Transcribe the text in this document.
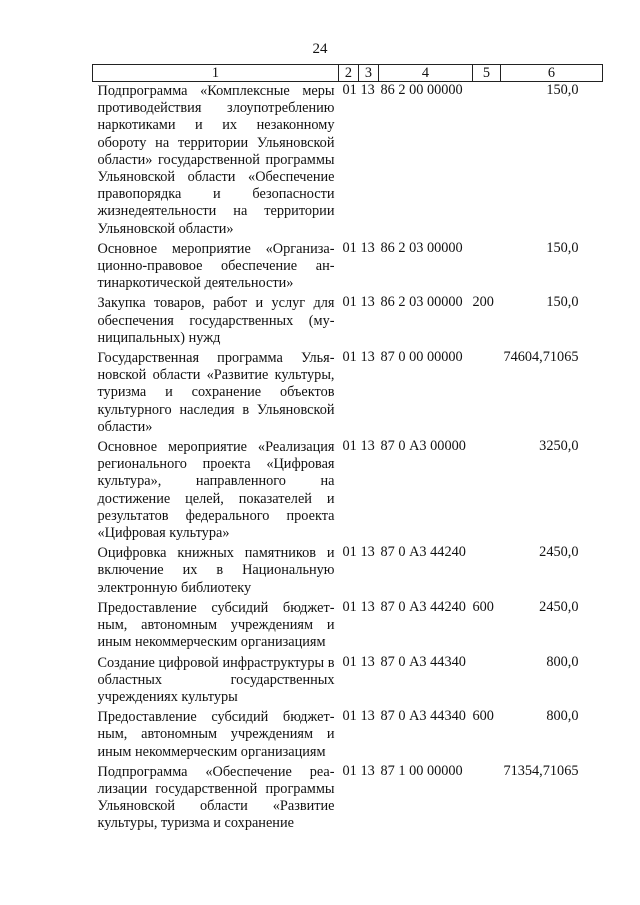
24
1	2	3	4	5	6
Подпрограмма «Комплексные меры противодействия злоупотреблению наркотиками и их незаконному обороту на территории Ульяновской области» государственной программы Ульяновской области «Обеспечение правопорядка и безопасности жизнедеятельности на территории Ульяновской области»	01	13	86 2 00 00000		150,0
Основное мероприятие «Организационно-правовое обеспечение антинаркотической деятельности»	01	13	86 2 03 00000		150,0
Закупка товаров, работ и услуг для обеспечения государственных (муниципальных) нужд	01	13	86 2 03 00000	200	150,0
Государственная программа Ульяновской области «Развитие культуры, туризма и сохранение объектов культурного наследия в Ульяновской области»	01	13	87 0 00 00000		74604,71065
Основное мероприятие «Реализация регионального проекта «Цифровая культура», направленного на достижение целей, показателей и результатов федерального проекта «Цифровая культура»	01	13	87 0 А3 00000		3250,0
Оцифровка книжных памятников и включение их в Национальную электронную библиотеку	01	13	87 0 А3 44240		2450,0
Предоставление субсидий бюджетным, автономным учреждениям и иным некоммерческим организациям	01	13	87 0 А3 44240	600	2450,0
Создание цифровой инфраструктуры в областных государственных учреждениях культуры	01	13	87 0 А3 44340		800,0
Предоставление субсидий бюджетным, автономным учреждениям и иным некоммерческим организациям	01	13	87 0 А3 44340	600	800,0
Подпрограмма «Обеспечение реализации государственной программы Ульяновской области «Развитие культуры, туризма и сохранение	01	13	87 1 00 00000		71354,71065
